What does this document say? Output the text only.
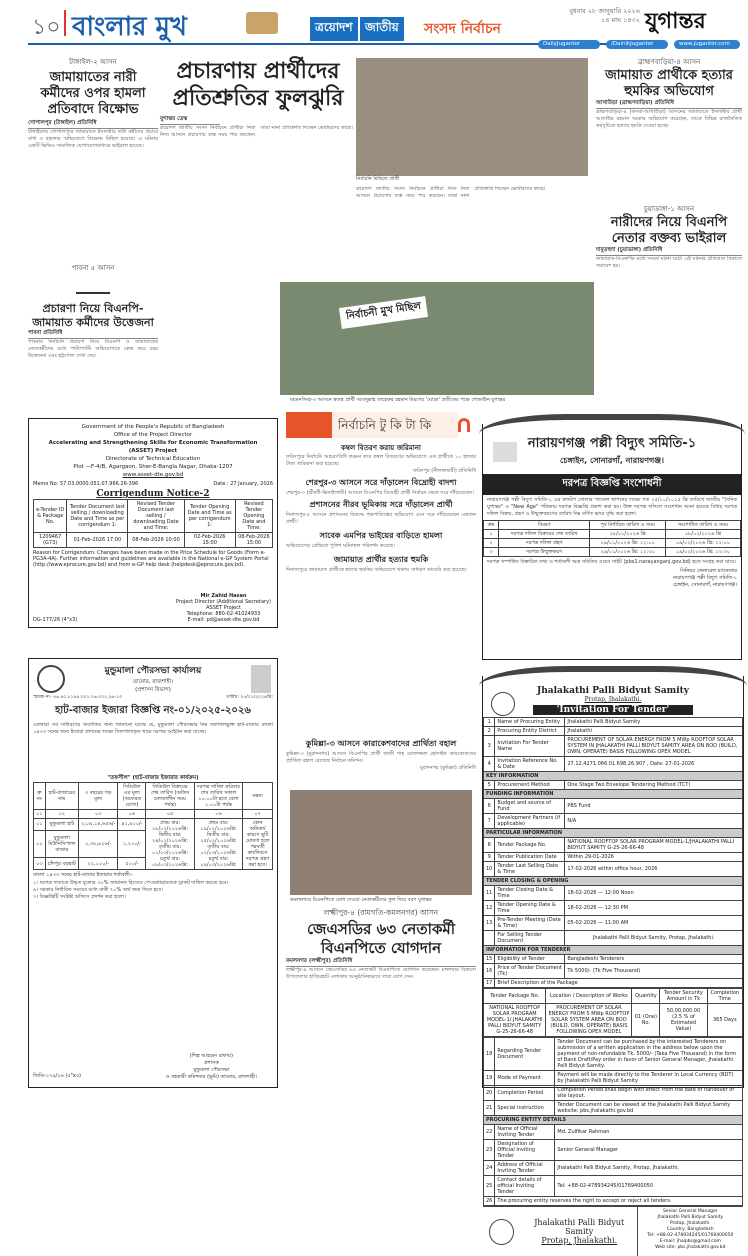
১০ বাংলার মুখ	ত্রয়োদশ	জাতীয়	সংসদ নির্বাচন
বুধবার ২৮ জানুয়ারি ২০২৬
১৪ মাঘ ১৪৩২ যুগান্তর
DailyJugantor	/DainikJugantor	www.jugantor.com
টাঙ্গাইল-২ আসন
জামায়াতের নারী কর্মীদের ওপর হামলা প্রতিবাদে বিক্ষোভ
গোপালপুর (টাঙ্গাইল) প্রতিনিধি
টাঙ্গাইলের গোপালপুরে জামায়াতে ইসলামীর নারী কর্মীদের প্রচারে বাধা ও হামলার অভিযোগে বিক্ষোভ মিছিল হয়েছে। এ ঘটনায় একটি ভিডিও সামাজিক যোগাযোগমাধ্যমে ভাইরাল হয়েছে।
পাবনা ৫ আসন
প্রচারণা নিয়ে বিএনপি-জামায়াত কর্মীদের উত্তেজনা
পাবনা প্রতিনিধি
পাবনায় নির্বাচনি প্রচারণা নিয়ে বিএনপি ও জামায়াতের নেতাকর্মীদের মধ্যে পাল্টাপাল্টি অভিযোগকে কেন্দ্র করে চরম উত্তেজনা এবং হট্টগোল দেখা দেয়।
প্রচারণায় প্রার্থীদের প্রতিশ্রুতির ফুলঝুরি
যুগান্তর ডেস্ক
ত্রয়োদশ জাতীয় সংসদ নির্বাচনে প্রার্থীরা নিজ নিজ আসনে প্রচারণায় ব্যস্ত সময় পার করছেন। তারা নানা প্রতিশ্রুতি দিচ্ছেন ভোটারদের কাছে।
নির্বাচনি মিছিলে প্রার্থী
ত্রয়োদশ জাতীয় সংসদ নির্বাচনে প্রার্থীরা নিজ নিজ আসনে প্রচারণায় ব্যস্ত সময় পার করছেন। তারা নানা প্রতিশ্রুতি দিচ্ছেন ভোটারদের কাছে।
নির্বাচনী মুখ মিছিল
ময়মনসিংহ-৩ আসনে স্বতন্ত্র প্রার্থী আবদুল্লাহ তাহেরুর রহমান মিরণের 'ঘোড়া' প্রতীকের পক্ষে শোডাউন যুগান্তর
ব্রাহ্মণবাড়িয়া-৪ আসন
জামায়াত প্রার্থীকে হত্যার হুমকির অভিযোগ
আখাউড়া (ব্রাহ্মণবাড়িয়া) প্রতিনিধি
ব্রাহ্মণবাড়িয়া-৪ (কসবা-আখাউড়া) আসনের জামায়াতে ইসলামীর প্রার্থী আতাউর রহমান সরকার অভিযোগ করেছেন, তাকে বিভিন্ন রাজনৈতিক কর্মসূচিতে হত্যার হুমকি দেওয়া হচ্ছে।
চুয়াডাঙ্গা-১ আসন
নারীদের নিয়ে বিএনপি নেতার বক্তব্য ভাইরাল
দামুড়হুদা (চুয়াডাঙ্গা) প্রতিনিধি
জামায়াত-বিএনপির মধ্যে সংঘর্ষ ঘটনা ঘটে। এই ঘটনার প্রতিবাদে বিকালে সমাবেশ হয়।
Government of the People's Republic of Bangladesh
Office of the Project Director
Accelerating and Strengthening Skills for Economic Transformation
(ASSET) Project
Directorate of Technical Education
Plot —F-4/B, Agargaon, Sher-E-Bangla Nagar, Dhaka-1207
www.asset-dte.gov.bd
Memo No: 57.03.0000.051.07.966.26-396	Date : 27 January, 2026
Corrigendum Notice-2
e-Tender ID & Package No.	Tender Document last selling / downloading Date and Time as per corrigendum 1:	Revised Tender Document last selling / downloading Date and Time:	Tender Opening Date and Time as per corrigendum 1:	Revised Tender Opening Date and Time:
1209467 (G73)	01-Feb-2026 17:00	08-Feb-2026 10:00	02-Feb-2026 15:00	08-Feb-2026 15:00
Reason for Corrigendum: Changes have been made in the Price Schedule for Goods (Form e-PG3A-4A). Further information and guidelines are available in the National e-GP System Portal (http://www.eprocure.gov.bd) and from e-GP help desk (helpdesk@eprocure.gov.bd).
Mir Zahid Hasan
Project Director (Additional Secretary)
ASSET Project
Telephone: 880-02-41024933
E-mail: pd@asset-dte.gov.bd
DG-177/26 (4"x3)
মুন্ডুমালা পৌরসভা কার্যালয়
তানোর, রাজশাহী।
(প্রশাসন বিভাগ)
স্মারক নং- ৪৬.৪০.৮১৯৪.০০২.০৬.০০২.২৬-১৩	তারিখ: ২৫/০১/২০২৬খ্রি:
হাট-বাজার ইজারা বিজ্ঞপ্তি নং-০১/২০২৫-২০২৬
এতদ্বারা সর্ব সাধারণের অবগতির জন্য জানানো যাচ্ছে যে, মুন্ডুমালা পৌরসভার নিম্ন তফসিলভুক্ত হাট-বাজার বাংলা ১৪৩৩ সনের জন্য ইজারা প্রদানের লক্ষ্যে সিলগালাকৃত খামে দরপত্র আহ্বান করা যাচ্ছে।
"তফসীল" (হাট-বাজার ইজারার কার্যক্রম)
ক্র নং	হাট-বাজারের নাম	৩ বছরের গড় মূল্য	সিডিউল এর মূল্য (অফেরত যোগ্য)	সিডিউল বিক্রয়ের শেষ তারিখ (অফিস চলাকালীন সময় পর্যন্ত)	দরপত্র দাখিল করিবার শেষ তারিখ সকাল ১০.০০টা হতে বেলা ১.০০টা পর্যন্ত	মন্তব্য
০১	০২	০৩	০৪	০৫	০৬	০৭
০১	মুন্ডুমালা হাট	২,০৯,১৪,৬৫৬/-	৪১,৯০০/-	প্রথম বার: ১৮/০২/২০২৬খ্রি: দ্বিতীয় বার: ২৪/০২/২০২৬খ্রি: তৃতীয় বার: ০১/০৩/২০২৬খ্রি: চতুর্থ বার: ০৮/০৩/২০২৬খ্রি:	প্রথম বার: ১৯/০২/২০২৬খ্রি: দ্বিতীয় বার: ২৫/০২/২০২৬খ্রি: তৃতীয় বার: ০২/০৩/২০২৬খ্রি: চতুর্থ বার: ০৯/০৩/২০২৬খ্রি:	কোন অনিবার্য কারণে ছুটি ঘোষণা হলে পরবর্তী কার্যদিবসে দরপত্র গ্রহণ করা হবে।
০২	মুন্ডুমালা মিউনিসিপ্যাল বাজার	২,৩৮,৯২৬/-	১,২০০/-			
০৩	চাঁদপুর বড়হাট	২২,১০০/-	৫০০/-			
বাংলা ১৪৩৩ সনের হাট-বাজার ইজারার শর্তাবলী:-
১। দরপত্র দাতাকে উদ্ধৃত মূল্যের ৩০% জামানত হিসেবে পে-অর্ডার/ব্যাংক ড্রাফট দাখিল করতে হবে।
৬। সরকার নির্ধারিত সময়ের মধ্যে বাকী ৭০% অর্থ জমা দিতে হবে।
৭। বিজ্ঞপ্তিটি সংশ্লিষ্ট অফিসে প্রদর্শন করা হলো।
(শিল্প আহমেদ রাফায়)
প্রশাসক
মুন্ডুমালা পৌরসভা
ও সহকারী কমিশনার (ভূমি) তানোর, রাজশাহী।
জিডি-১৭৯/২৬ (৫"x৩)
নির্বাচনি টু কি টা কি
কম্বল বিতরণ করায় জরিমানা
ফরিদপুরে নির্বাচনি আচরণবিধি লঙ্ঘন করে কম্বল বিতরণের অভিযোগে এক প্রার্থীকে ১০ হাজার টাকা জরিমানা করা হয়েছে।
ফরিদপুর (নীলফামারী) প্রতিনিধি
শেরপুর-৩ আসনে সরে দাঁড়ালেন বিদ্রোহী বাদশা
শেরপুর-৩ (শ্রীবর্দী-ঝিনাইগাতী) আসনে বিএনপির বিদ্রোহী প্রার্থী নির্বাচন থেকে সরে দাঁড়িয়েছেন।
প্রশাসনের নীরব ভূমিকায় সরে দাঁড়ালেন প্রার্থী
দিনাজপুর-৫ আসনে প্রশাসনের বিরুদ্ধে পক্ষপাতিত্বের অভিযোগ এনে সরে দাঁড়িয়েছেন একজন প্রার্থী।
সাবেক এমপির ভাইয়ের বাড়িতে হামলা
অভিযোগের প্রেক্ষিতে পুলিশ ঘটনাস্থল পরিদর্শন করেছে।
জামায়াত প্রার্থীর হত্যার হুমকি
দিনাজপুরে জামায়াত প্রার্থীকে হত্যার হুমকির অভিযোগে থানায় সাধারণ ডায়েরি করা হয়েছে।
কুমিল্লা-৩ আসনে কারাকেশবাদের প্রার্থিতা বহাল
কুমিল্লা-৩ (মুরাদনগর) আসনে বিএনপির প্রার্থী কাজী শাহ মোফাজ্জল হোসাইন কায়কোবাদের প্রার্থিতা বহাল রেখেছে নির্বাচন কমিশন।
মুরাদনগর (কুমিল্লা) প্রতিনিধি
কমলনগরে বিএনপিতে যোগ দেওয়া নেতাকর্মীদের ফুল দিয়ে বরণ যুগান্তর
লক্ষ্মীপুর-৪ (রামগতি-কমলনগর) আসন
জেএসডির ৬৩ নেতাকর্মী বিএনপিতে যোগদান
কমলনগর (লক্ষ্মীপুর) প্রতিনিধি
লক্ষ্মীপুর-৪ আসনে জেএসডির ৬৩ নেতাকর্মী বিএনপিতে যোগদান করেছেন। মঙ্গলবার বিকালে উপজেলার হাজিরহাট এলাকায় আনুষ্ঠানিকভাবে তারা যোগ দেন।
নারায়ণগঞ্জ পল্লী বিদ্যুৎ সমিতি-১
চেঙ্গাইন, সোনারগাঁ, নারায়ণগঞ্জ।
দরপত্র বিজ্ঞপ্তি সংশোধনী
নারায়ণগঞ্জ পল্লী বিদ্যুৎ সমিতি-১ এর রুফটপ সোলার প্যানেল স্থাপনের লক্ষ্যে গত ২৫/১০/২০২৫ খ্রি তারিখে জাতীয় "দৈনিক যুগান্তর" ও "New Age" পত্রিকায় দরপত্র বিজ্ঞপ্তি প্রকাশ করা হয়। উক্ত দরপত্র দলিলে সংশোধন আনা হয়েছে বিধায় দরপত্র দলিল বিক্রয়, গ্রহণ ও উন্মুক্তকরণের তারিখ নিম্ন বর্ণিত ভাবে বৃদ্ধি করা হলো।
ক্রম	বিবরণ	পূর্ব নির্ধারিত তারিখ ও সময়	সংশোধিত তারিখ ও সময়
১	দরপত্র দলিল বিক্রয়ের শেষ তারিখ	২৮/০১/২০২৬ খ্রি	০৮/০২/২০২৬ খ্রি
২	দরপত্র দলিল গ্রহণ	২৯/০১/২০২৬ খ্রি: ১২:০০	০৯/০২/২০২৬ খ্রি: ১২:০০
৩	দরপত্র উন্মুক্তকরণ	২৯/০১/২০২৬ খ্রি: ১২:৩০	০৯/০২/২০২৬ খ্রি: ১২:৩০
দরপত্র সম্পর্কিত বিস্তারিত তথ্য ও শর্তাবলী অত্র সমিতির ওয়েব সাইট (pbs1.narayanganj.gov.bd) হতে সংগ্রহ করা যাবে।
সিনিয়র জেনারেল ম্যানেজার
নারায়ণগঞ্জ পল্লী বিদ্যুৎ সমিতি-১
চেঙ্গাইন, সোনারগাঁ, নারায়ণগঞ্জ।
Jhalakathi Palli Bidyut Samity
Protap, Jhalakathi.
'Invitation For Tender'
1	Name of Procuring Entity	Jhalakathi Palli Bidyut Samity
2	Procuring Entity District	Jhalakathi
3	Invitation For Tender Name	PROCUREMENT OF SOLAR ENERGY FROM 5 MWp ROOFTOP SOLAR SYSTEM IN JHALAKATHI PALLI BIDYUT SAMITY AREA ON BOO (BUILD, OWN, OPERATE) BASIS FOLLOWING OPEX MODEL
4	Invitation Reference No. & Date	27.12.4271.066.01.698.26.907 , Date: 27-01-2026
KEY INFORMATION		
5	Procurement Method	One Stage Two Envelope Tendering Method (TCT)
FUNDING INFORMATION		
6	Budget and source of Fund	PBS Fund
7	Development Partners (if applicable)	N/A
PARTICULAR INFORMATION		
8	Tender Package No.	NATIONAL ROOFTOP SOLAR PROGRAM MODEL-1/JHALAKATHI PALLI BIDYUT SAMITY G-25-26-66-48
9	Tender Publication Date	Within 29-01-2026
10	Tender Last Selling Date & Time	17-02-2026 within office hour, 2026
TENDER CLOSING & OPENING		
11	Tender Closing Date & Time	18-02-2026 — 12:00 Noon
12	Tender Opening Date & Time	18-02-2026 — 12:30 PM
13	Pre-Tender Meeting (Date & Time)	05-02-2026 — 11:00 AM
	For Selling Tender Document	Jhalakathi Palli Bidyut Samity, Protap, Jhalakathi.
INFORMATION FOR TENDERER		
15	Eligibility of Tender	Bangladeshi Tenderers
16	Price of Tender Document (Tk)	Tk 5000/- (Tk Five Thousand)
17	Brief Description of the Package	
Tender Package No.	Location / Description of Works	Quantity	Tender Security Amount in Tk	Completion Time
NATIONAL ROOFTOP SOLAR PROGRAM MODEL-1/ JHALAKATHI PALLI BIDYUT SAMITY G-25-26-66-48	PROCUREMENT OF SOLAR ENERGY FROM 5 MWp ROOFTOP SOLAR SYSTEM AREA ON BOO (BUILD, OWN, OPERATE) BASIS FOLLOWING OPEX MODEL	01 (One) No.	50,00,000.00 (2.5 % of Estimated Value)	365 Days
18	Regarding Tender Document	Tender Document can be purchased by the interested Tenderers on submission of a written application in the address below upon the payment of non-refundable Tk. 5000/- (Taka Five Thousand) in the form of Bank Draft/Pay order in favor of Senior General Manager, Jhalakathi Palli Bidyut Samity.
19	Mode of Payment	Payment will be made directly to the Tenderer in Local Currency (BDT) by Jhalakathi Palli Bidyut Samity
20	Completion Period	Completion Period shall begin with effect from the date of handover of site layout.
21	Special Instruction	Tender Document can be viewed at the Jhalakathi Palli Bidyut Samity website: pbs.jhalakathi.gov.bd
PROCURING ENTITY DETAILS		
22	Name of Official Inviting Tender	Md. Zulfikar Rahman
23	Designation of Official Inviting Tender	Senior General Manager
24	Address of Official Inviting Tender	Jhalakathi Palli Bidyut Samity, Protap, Jhalakathi.
25	Contact details of official Inviting Tender	Tel: +88-02-478934245/01769400050
26	The procuring entity reserves the right to accept or reject all tenders.	
Jhalakathi Palli Bidyut Samity
Protap, Jhalakathi.
Senior General Manager
Jhalakathi Palli Bidyut Samity
Protap, Jhalakathi.
Country: Bangladesh
Tel: +88-02-478934245/01769400050
E-mail: jhalpbs@gmail.com
Web site: pbs.jhalakathi.gov.bd
